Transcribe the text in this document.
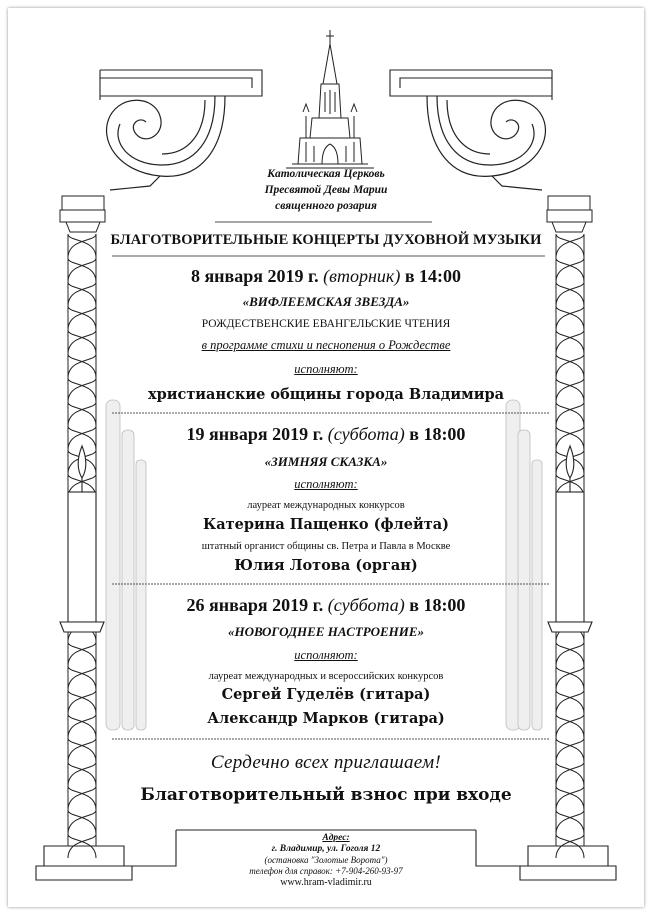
Католическая Церковь
Пресвятой Девы Марии
священного розария
БЛАГОТВОРИТЕЛЬНЫЕ КОНЦЕРТЫ ДУХОВНОЙ МУЗЫКИ
8 января 2019 г. (вторник) в 14:00
«ВИФЛЕЕМСКАЯ ЗВЕЗДА»
РОЖДЕСТВЕНСКИЕ ЕВАНГЕЛЬСКИЕ ЧТЕНИЯ
в программе стихи и песнопения о Рождестве
исполняют:
христианские общины города Владимира
19 января 2019 г. (суббота) в 18:00
«ЗИМНЯЯ СКАЗКА»
исполняют:
лауреат международных конкурсов
Катерина Пащенко (флейта)
штатный органист общины св. Петра и Павла в Москве
Юлия Лотова (орган)
26 января 2019 г. (суббота) в 18:00
«НОВОГОДНЕЕ НАСТРОЕНИЕ»
исполняют:
лауреат международных и всероссийских конкурсов
Сергей Гуделёв (гитара)
Александр Марков (гитара)
Сердечно всех приглашаем!
Благотворительный взнос при входе
Адрес:
г. Владимир, ул. Гоголя 12
(остановка "Золотые Ворота")
телефон для справок: +7-904-260-93-97
www.hram-vladimir.ru
